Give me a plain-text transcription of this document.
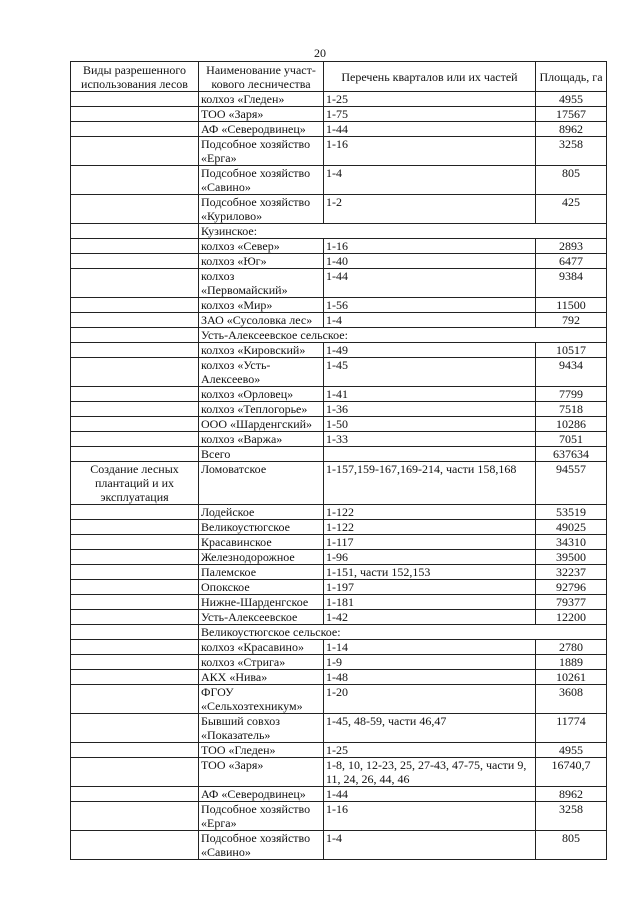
20
Виды разрешенного использования лесов	Наименование участ-кового лесничества	Перечень кварталов или их частей	Площадь, га
	колхоз «Гледен»	1-25	4955
	ТОО «Заря»	1-75	17567
	АФ «Северодвинец»	1-44	8962
	Подсобное хозяйство «Ерга»	1-16	3258
	Подсобное хозяйство «Савино»	1-4	805
	Подсобное хозяйство «Курилово»	1-2	425
	Кузинское:		
	колхоз «Север»	1-16	2893
	колхоз «Юг»	1-40	6477
	колхоз «Первомайский»	1-44	9384
	колхоз «Мир»	1-56	11500
	ЗАО «Сусоловка лес»	1-4	792
	Усть-Алексеевское сельское:		
	колхоз «Кировский»	1-49	10517
	колхоз «Усть-Алексеево»	1-45	9434
	колхоз «Орловец»	1-41	7799
	колхоз «Теплогорье»	1-36	7518
	ООО «Шарденгский»	1-50	10286
	колхоз «Варжа»	1-33	7051
	Всего		637634
Создание лесных плантаций и их эксплуатация	Ломоватское	1-157,159-167,169-214, части 158,168	94557
	Лодейское	1-122	53519
	Великоустюгское	1-122	49025
	Красавинское	1-117	34310
	Железнодорожное	1-96	39500
	Палемское	1-151, части 152,153	32237
	Опокское	1-197	92796
	Нижне-Шарденгское	1-181	79377
	Усть-Алексеевское	1-42	12200
	Великоустюгское сельское:		
	колхоз «Красавино»	1-14	2780
	колхоз «Стрига»	1-9	1889
	АКХ «Нива»	1-48	10261
	ФГОУ «Сельхозтехникум»	1-20	3608
	Бывший совхоз «Показатель»	1-45, 48-59, части 46,47	11774
	ТОО «Гледен»	1-25	4955
	ТОО «Заря»	1-8, 10, 12-23, 25, 27-43, 47-75, части 9, 11, 24, 26, 44, 46	16740,7
	АФ «Северодвинец»	1-44	8962
	Подсобное хозяйство «Ерга»	1-16	3258
	Подсобное хозяйство «Савино»	1-4	805
